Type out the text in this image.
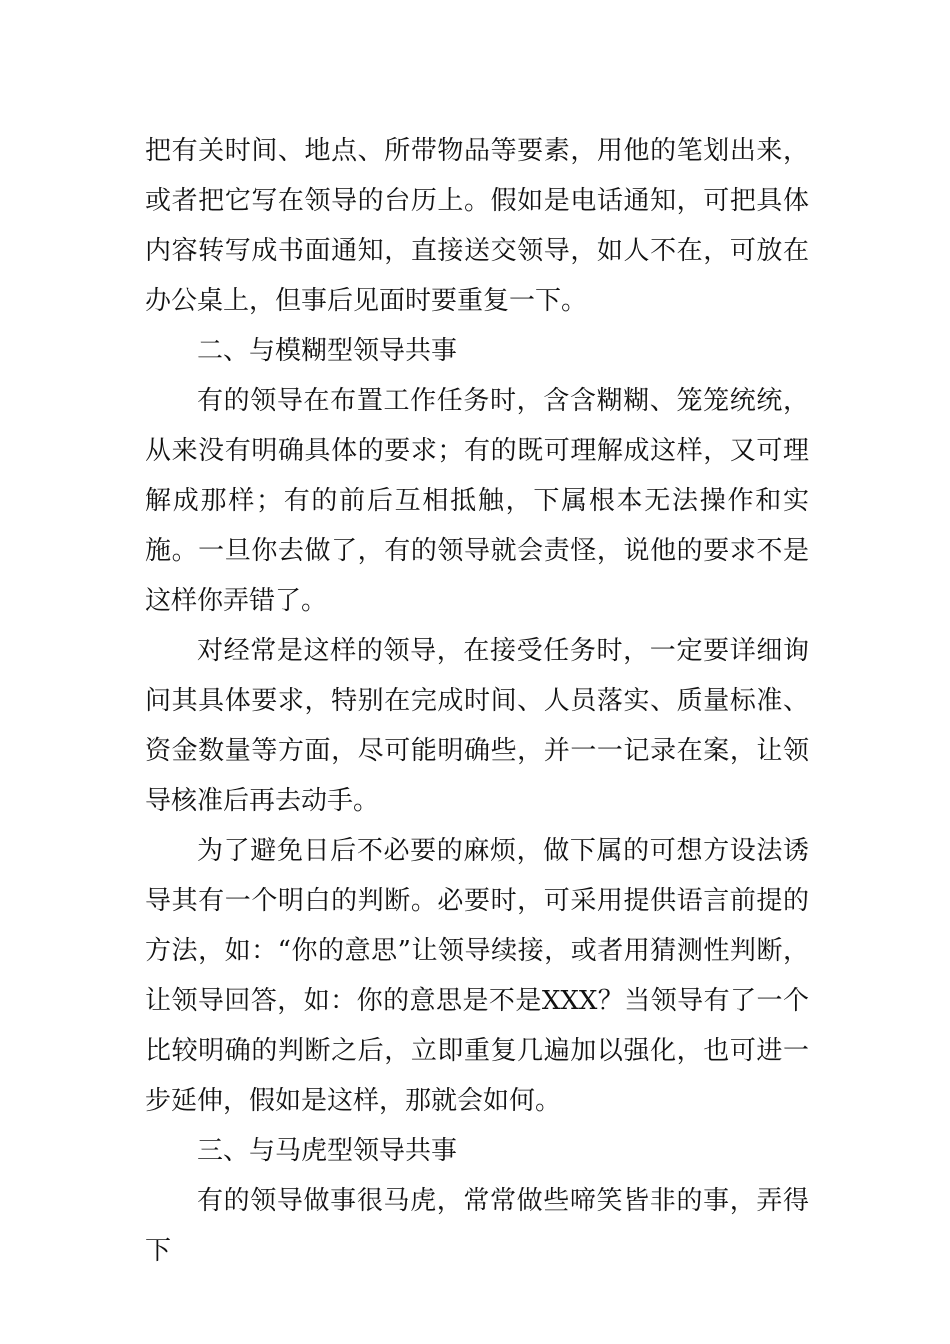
把有关时间、地点、所带物品等要素，用他的笔划出来，或者把它写在领导的台历上。假如是电话通知，可把具体内容转写成书面通知，直接送交领导，如人不在，可放在办公桌上，但事后见面时要重复一下。

二、与模糊型领导共事

有的领导在布置工作任务时，含含糊糊、笼笼统统，从来没有明确具体的要求；有的既可理解成这样，又可理解成那样；有的前后互相抵触，下属根本无法操作和实施。一旦你去做了，有的领导就会责怪，说他的要求不是这样你弄错了。

对经常是这样的领导，在接受任务时，一定要详细询问其具体要求，特别在完成时间、人员落实、质量标准、资金数量等方面，尽可能明确些，并一一记录在案，让领导核准后再去动手。

为了避免日后不必要的麻烦，做下属的可想方设法诱导其有一个明白的判断。必要时，可采用提供语言前提的方法，如：“你的意思”让领导续接，或者用猜测性判断，让领导回答，如：你的意思是不是XXX？当领导有了一个比较明确的判断之后，立即重复几遍加以强化，也可进一步延伸，假如是这样，那就会如何。

三、与马虎型领导共事

有的领导做事很马虎，常常做些啼笑皆非的事，弄得下
